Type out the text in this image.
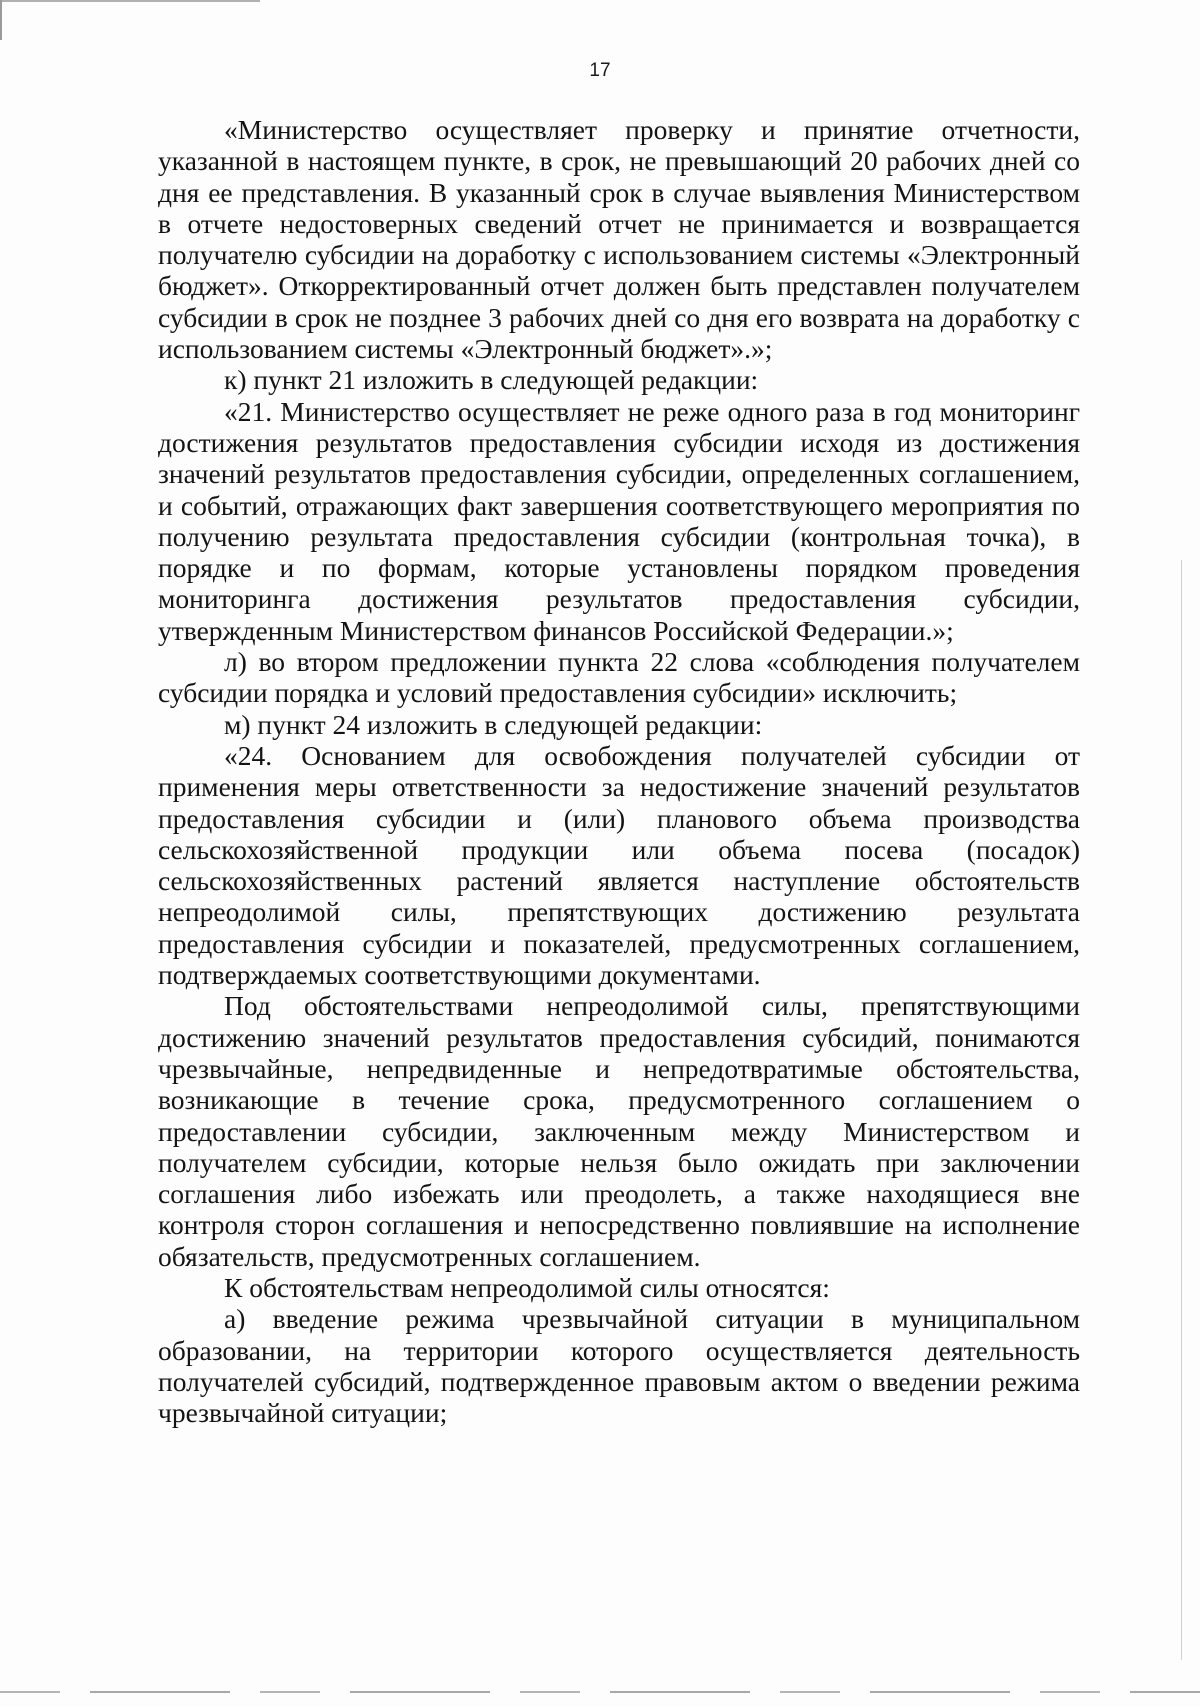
17

«Министерство осуществляет проверку и принятие отчетности, указанной в настоящем пункте, в срок, не превышающий 20 рабочих дней со дня ее представления. В указанный срок в случае выявления Министерством в отчете недостоверных сведений отчет не принимается и возвращается получателю субсидии на доработку с использованием системы «Электронный бюджет». Откорректированный отчет должен быть представлен получателем субсидии в срок не позднее 3 рабочих дней со дня его возврата на доработку с использованием системы «Электронный бюджет».»;

к) пункт 21 изложить в следующей редакции:

«21. Министерство осуществляет не реже одного раза в год мониторинг достижения результатов предоставления субсидии исходя из достижения значений результатов предоставления субсидии, определенных соглашением, и событий, отражающих факт завершения соответствующего мероприятия по получению результата предоставления субсидии (контрольная точка), в порядке и по формам, которые установлены порядком проведения мониторинга достижения результатов предоставления субсидии, утвержденным Министерством финансов Российской Федерации.»;

л) во втором предложении пункта 22 слова «соблюдения получателем субсидии порядка и условий предоставления субсидии» исключить;

м) пункт 24 изложить в следующей редакции:

«24. Основанием для освобождения получателей субсидии от применения меры ответственности за недостижение значений результатов предоставления субсидии и (или) планового объема производства сельскохозяйственной продукции или объема посева (посадок) сельскохозяйственных растений является наступление обстоятельств непреодолимой силы, препятствующих достижению результата предоставления субсидии и показателей, предусмотренных соглашением, подтверждаемых соответствующими документами.

Под обстоятельствами непреодолимой силы, препятствующими достижению значений результатов предоставления субсидий, понимаются чрезвычайные, непредвиденные и непредотвратимые обстоятельства, возникающие в течение срока, предусмотренного соглашением о предоставлении субсидии, заключенным между Министерством и получателем субсидии, которые нельзя было ожидать при заключении соглашения либо избежать или преодолеть, а также находящиеся вне контроля сторон соглашения и непосредственно повлиявшие на исполнение обязательств, предусмотренных соглашением.

К обстоятельствам непреодолимой силы относятся:

а) введение режима чрезвычайной ситуации в муниципальном образовании, на территории которого осуществляется деятельность получателей субсидий, подтвержденное правовым актом о введении режима чрезвычайной ситуации;
